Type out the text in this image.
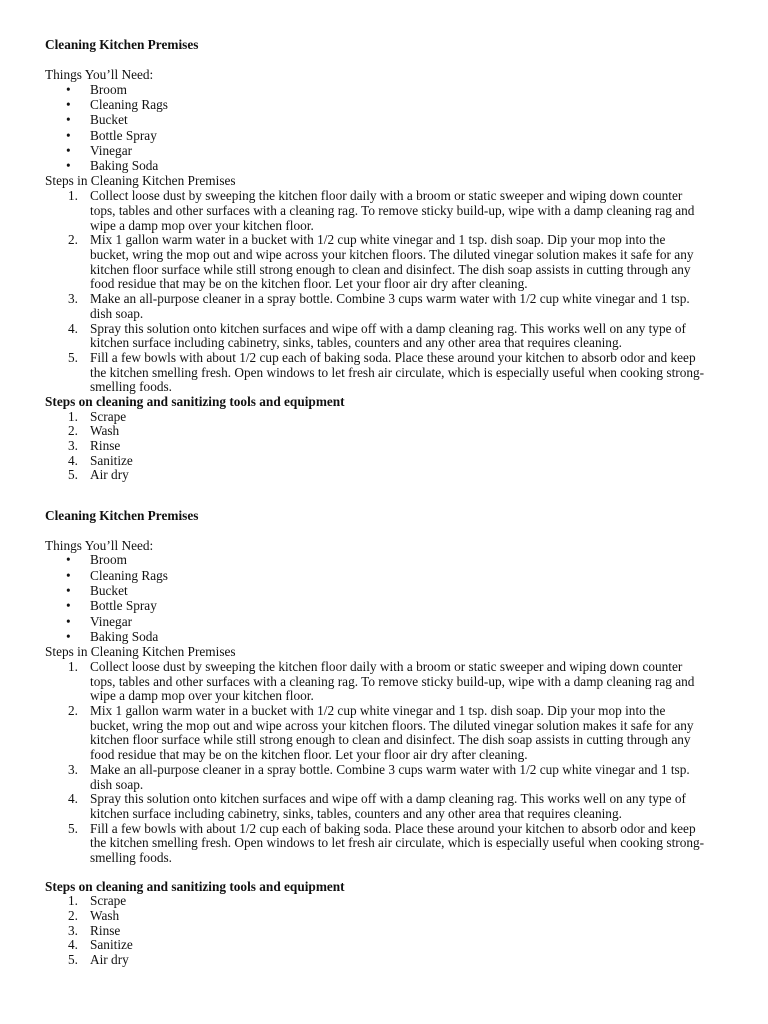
Cleaning Kitchen Premises
Things You’ll Need:
• Broom
• Cleaning Rags
• Bucket
• Bottle Spray
• Vinegar
• Baking Soda
Steps in Cleaning Kitchen Premises
1. Collect loose dust by sweeping the kitchen floor daily with a broom or static sweeper and wiping down counter tops, tables and other surfaces with a cleaning rag. To remove sticky build-up, wipe with a damp cleaning rag and wipe a damp mop over your kitchen floor.
2. Mix 1 gallon warm water in a bucket with 1/2 cup white vinegar and 1 tsp. dish soap. Dip your mop into the bucket, wring the mop out and wipe across your kitchen floors. The diluted vinegar solution makes it safe for any kitchen floor surface while still strong enough to clean and disinfect. The dish soap assists in cutting through any food residue that may be on the kitchen floor. Let your floor air dry after cleaning.
3. Make an all-purpose cleaner in a spray bottle. Combine 3 cups warm water with 1/2 cup white vinegar and 1 tsp. dish soap.
4. Spray this solution onto kitchen surfaces and wipe off with a damp cleaning rag. This works well on any type of kitchen surface including cabinetry, sinks, tables, counters and any other area that requires cleaning.
5. Fill a few bowls with about 1/2 cup each of baking soda. Place these around your kitchen to absorb odor and keep the kitchen smelling fresh. Open windows to let fresh air circulate, which is especially useful when cooking strong-smelling foods.
Steps on cleaning and sanitizing tools and equipment
1. Scrape
2. Wash
3. Rinse
4. Sanitize
5. Air dry
Cleaning Kitchen Premises
Things You’ll Need:
• Broom
• Cleaning Rags
• Bucket
• Bottle Spray
• Vinegar
• Baking Soda
Steps in Cleaning Kitchen Premises
1. Collect loose dust by sweeping the kitchen floor daily with a broom or static sweeper and wiping down counter tops, tables and other surfaces with a cleaning rag. To remove sticky build-up, wipe with a damp cleaning rag and wipe a damp mop over your kitchen floor.
2. Mix 1 gallon warm water in a bucket with 1/2 cup white vinegar and 1 tsp. dish soap. Dip your mop into the bucket, wring the mop out and wipe across your kitchen floors. The diluted vinegar solution makes it safe for any kitchen floor surface while still strong enough to clean and disinfect. The dish soap assists in cutting through any food residue that may be on the kitchen floor. Let your floor air dry after cleaning.
3. Make an all-purpose cleaner in a spray bottle. Combine 3 cups warm water with 1/2 cup white vinegar and 1 tsp. dish soap.
4. Spray this solution onto kitchen surfaces and wipe off with a damp cleaning rag. This works well on any type of kitchen surface including cabinetry, sinks, tables, counters and any other area that requires cleaning.
5. Fill a few bowls with about 1/2 cup each of baking soda. Place these around your kitchen to absorb odor and keep the kitchen smelling fresh. Open windows to let fresh air circulate, which is especially useful when cooking strong-smelling foods.
Steps on cleaning and sanitizing tools and equipment
1. Scrape
2. Wash
3. Rinse
4. Sanitize
5. Air dry
